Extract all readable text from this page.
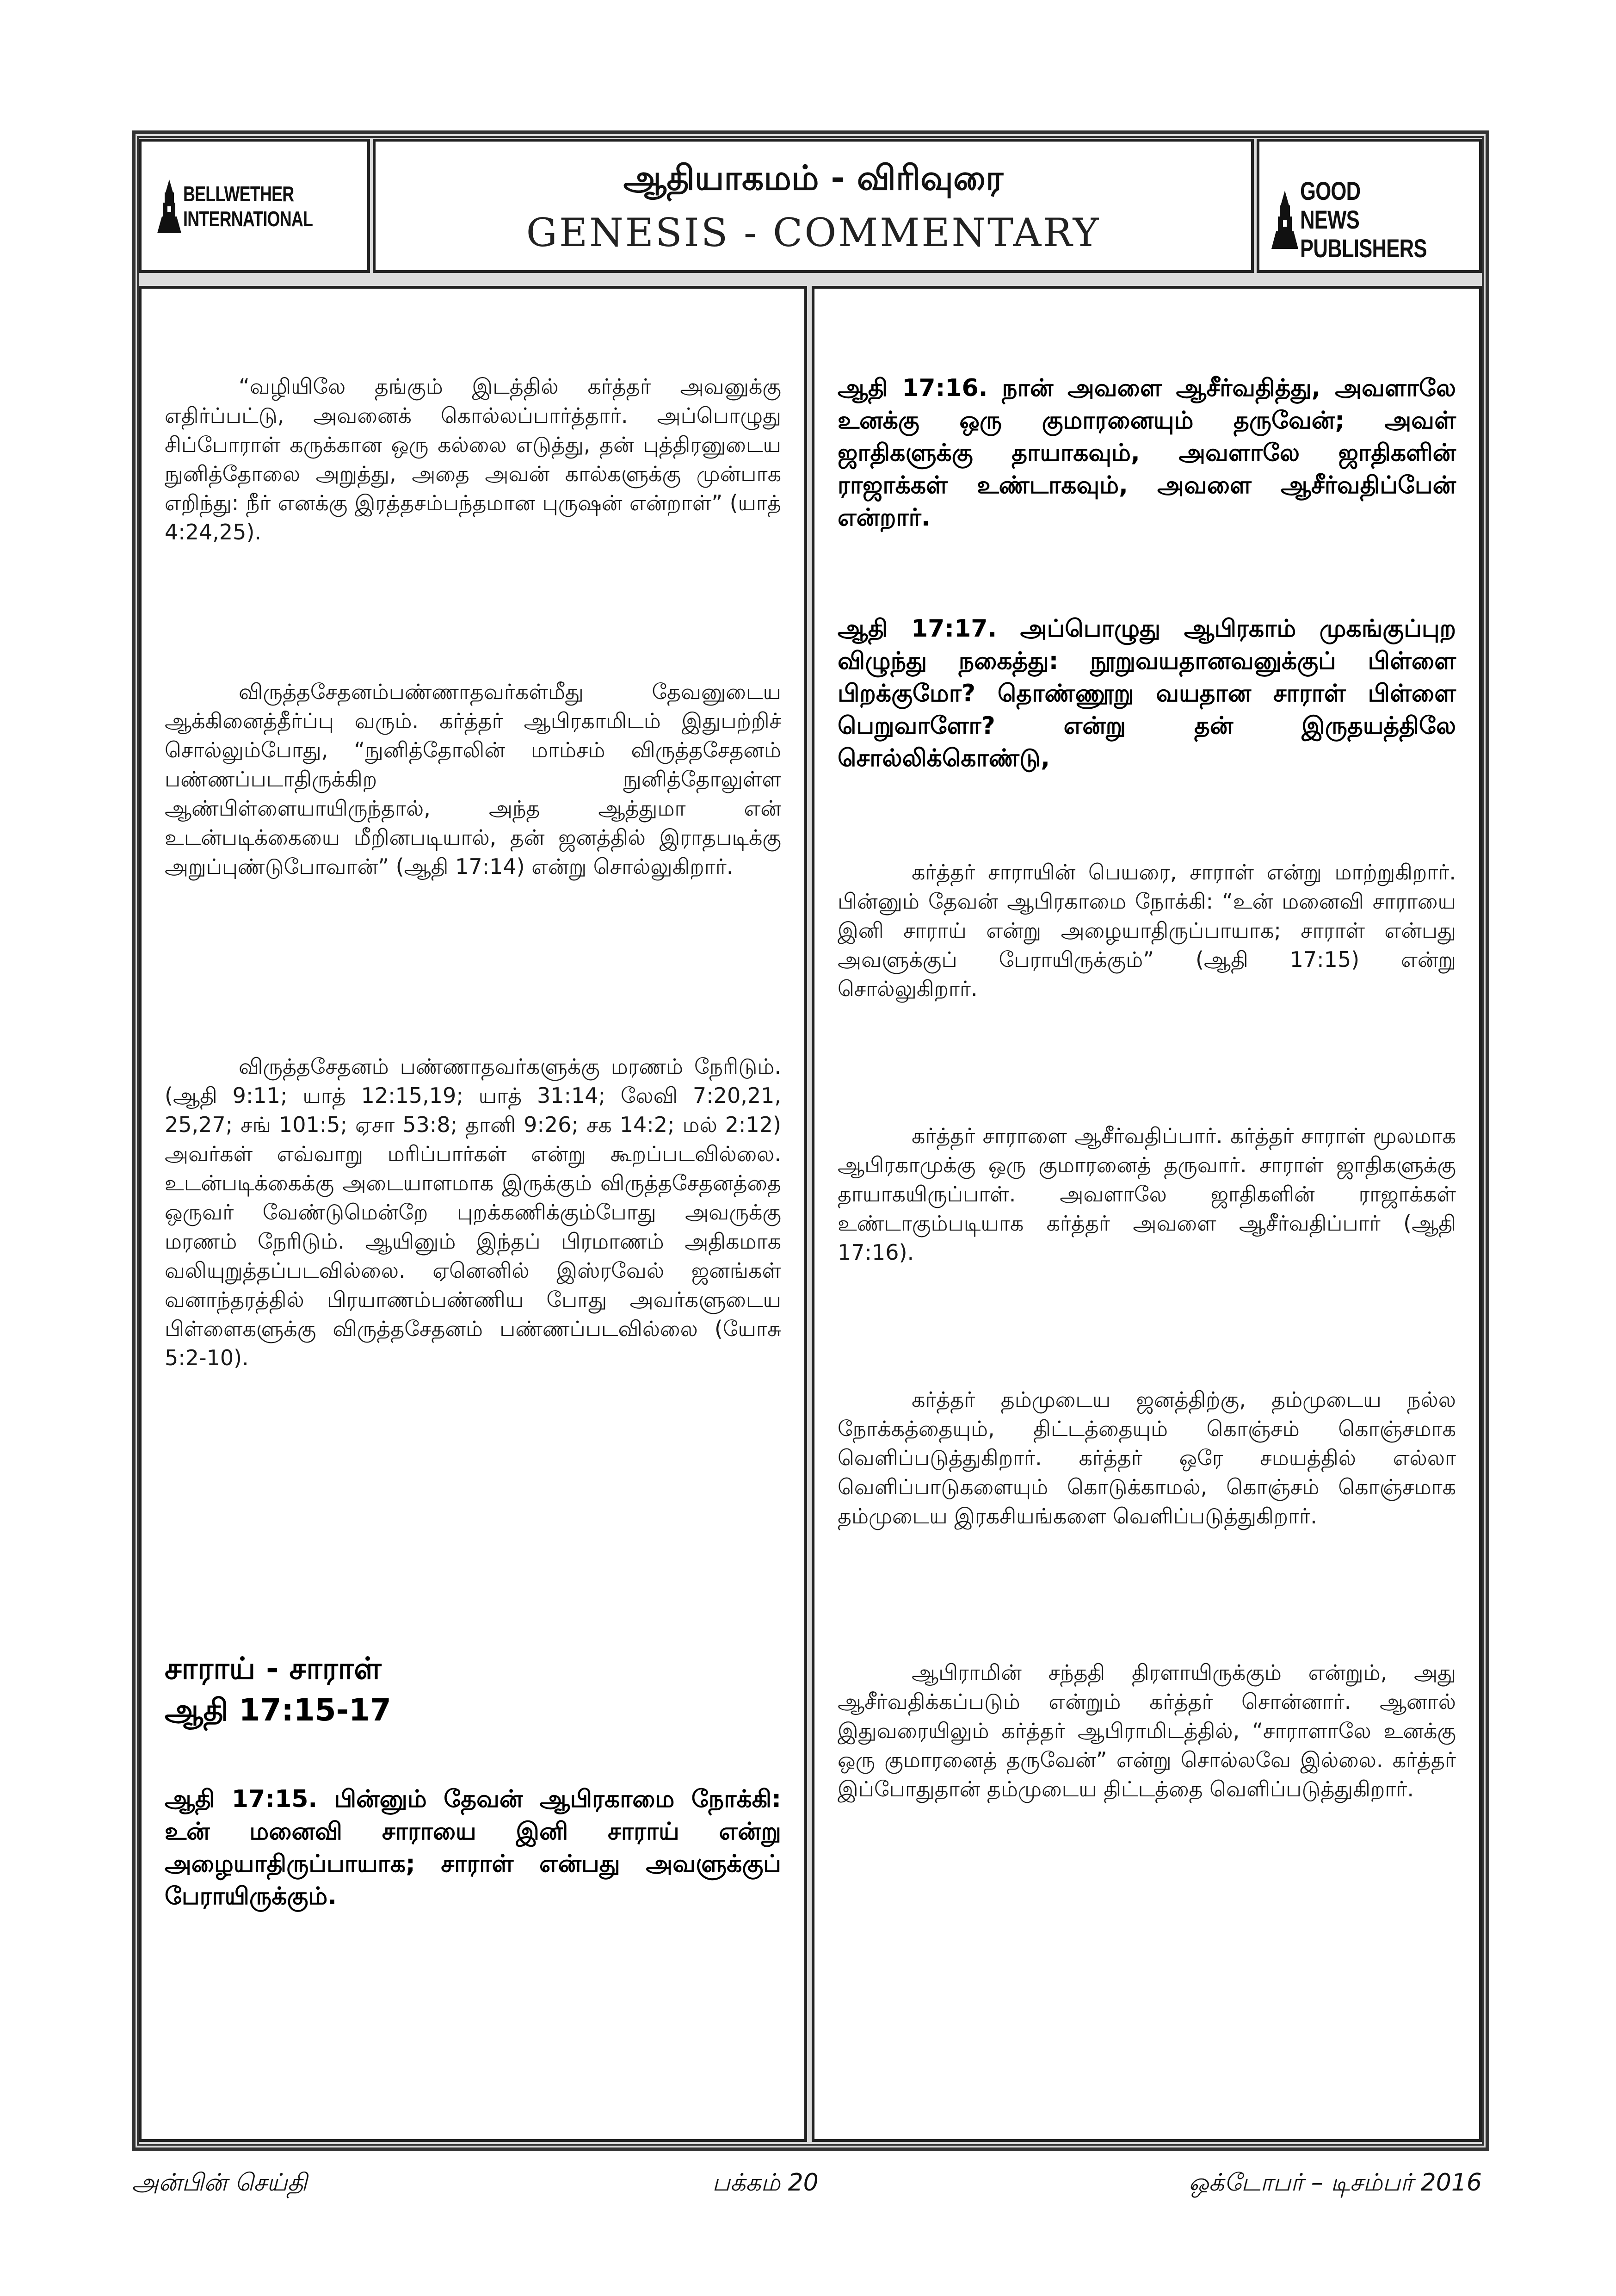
BELLWETHER INTERNATIONAL
ஆதியாகமம் - விரிவுரை
GENESIS - COMMENTARY
GOOD NEWS PUBLISHERS

“வழியிலே தங்கும் இடத்தில் கர்த்தர் அவனுக்கு எதிர்ப்பட்டு, அவனைக் கொல்லப்பார்த்தார். அப்பொழுது சிப்போராள் கருக்கான ஒரு கல்லை எடுத்து, தன் புத்திரனுடைய நுனித்தோலை அறுத்து, அதை அவன் கால்களுக்கு முன்பாக எறிந்து: நீர் எனக்கு இரத்தசம்பந்தமான புருஷன் என்றாள்” (யாத் 4:24,25).

விருத்தசேதனம்பண்ணாதவர்கள்மீது தேவனுடைய ஆக்கினைத்தீர்ப்பு வரும். கர்த்தர் ஆபிரகாமிடம் இதுபற்றிச் சொல்லும்போது, “நுனித்தோலின் மாம்சம் விருத்தசேதனம் பண்ணப்படாதிருக்கிற நுனித்தோலுள்ள ஆண்பிள்ளையாயிருந்தால், அந்த ஆத்துமா என் உடன்படிக்கையை மீறினபடியால், தன் ஜனத்தில் இராதபடிக்கு அறுப்புண்டுபோவான்” (ஆதி 17:14) என்று சொல்லுகிறார்.

விருத்தசேதனம் பண்ணாதவர்களுக்கு மரணம் நேரிடும். (ஆதி 9:11; யாத் 12:15,19; யாத் 31:14; லேவி 7:20,21, 25,27; சங் 101:5; ஏசா 53:8; தானி 9:26; சக 14:2; மல் 2:12) அவர்கள் எவ்வாறு மரிப்பார்கள் என்று கூறப்படவில்லை. உடன்படிக்கைக்கு அடையாளமாக இருக்கும் விருத்தசேதனத்தை ஒருவர் வேண்டுமென்றே புறக்கணிக்கும்போது அவருக்கு மரணம் நேரிடும். ஆயினும் இந்தப் பிரமாணம் அதிகமாக வலியுறுத்தப்படவில்லை. ஏனெனில் இஸ்ரவேல் ஜனங்கள் வனாந்தரத்தில் பிரயாணம்பண்ணிய போது அவர்களுடைய பிள்ளைகளுக்கு விருத்தசேதனம் பண்ணப்படவில்லை (யோசு 5:2-10).

சாராய் - சாராள்

ஆதி 17:15-17

ஆதி 17:15. பின்னும் தேவன் ஆபிரகாமை நோக்கி: உன் மனைவி சாராயை இனி சாராய் என்று அழையாதிருப்பாயாக; சாராள் என்பது அவளுக்குப் பேராயிருக்கும்.

ஆதி 17:16. நான் அவளை ஆசீர்வதித்து, அவளாலே உனக்கு ஒரு குமாரனையும் தருவேன்; அவள் ஜாதிகளுக்கு தாயாகவும், அவளாலே ஜாதிகளின் ராஜாக்கள் உண்டாகவும், அவளை ஆசீர்வதிப்பேன் என்றார்.

ஆதி 17:17. அப்பொழுது ஆபிரகாம் முகங்குப்புற விழுந்து நகைத்து: நூறுவயதானவனுக்குப் பிள்ளை பிறக்குமோ? தொண்ணூறு வயதான சாராள் பிள்ளை பெறுவாளோ? என்று தன் இருதயத்திலே சொல்லிக்கொண்டு,

கர்த்தர் சாராயின் பெயரை, சாராள் என்று மாற்றுகிறார். பின்னும் தேவன் ஆபிரகாமை நோக்கி: “உன் மனைவி சாராயை இனி சாராய் என்று அழையாதிருப்பாயாக; சாராள் என்பது அவளுக்குப் பேராயிருக்கும்” (ஆதி 17:15) என்று சொல்லுகிறார்.

கர்த்தர் சாராளை ஆசீர்வதிப்பார். கர்த்தர் சாராள் மூலமாக ஆபிரகாமுக்கு ஒரு குமாரனைத் தருவார். சாராள் ஜாதிகளுக்கு தாயாகயிருப்பாள். அவளாலே ஜாதிகளின் ராஜாக்கள் உண்டாகும்படியாக கர்த்தர் அவளை ஆசீர்வதிப்பார் (ஆதி 17:16).

கர்த்தர் தம்முடைய ஜனத்திற்கு, தம்முடைய நல்ல நோக்கத்தையும், திட்டத்தையும் கொஞ்சம் கொஞ்சமாக வெளிப்படுத்துகிறார். கர்த்தர் ஒரே சமயத்தில் எல்லா வெளிப்பாடுகளையும் கொடுக்காமல், கொஞ்சம் கொஞ்சமாக தம்முடைய இரகசியங்களை வெளிப்படுத்துகிறார்.

ஆபிராமின் சந்ததி திரளாயிருக்கும் என்றும், அது ஆசீர்வதிக்கப்படும் என்றும் கர்த்தர் சொன்னார். ஆனால் இதுவரையிலும் கர்த்தர் ஆபிராமிடத்தில், “சாராளாலே உனக்கு ஒரு குமாரனைத் தருவேன்” என்று சொல்லவே இல்லை. கர்த்தர் இப்போதுதான் தம்முடைய திட்டத்தை வெளிப்படுத்துகிறார்.

அன்பின் செய்தி	பக்கம் 20	ஒக்டோபர் – டிசம்பர் 2016
